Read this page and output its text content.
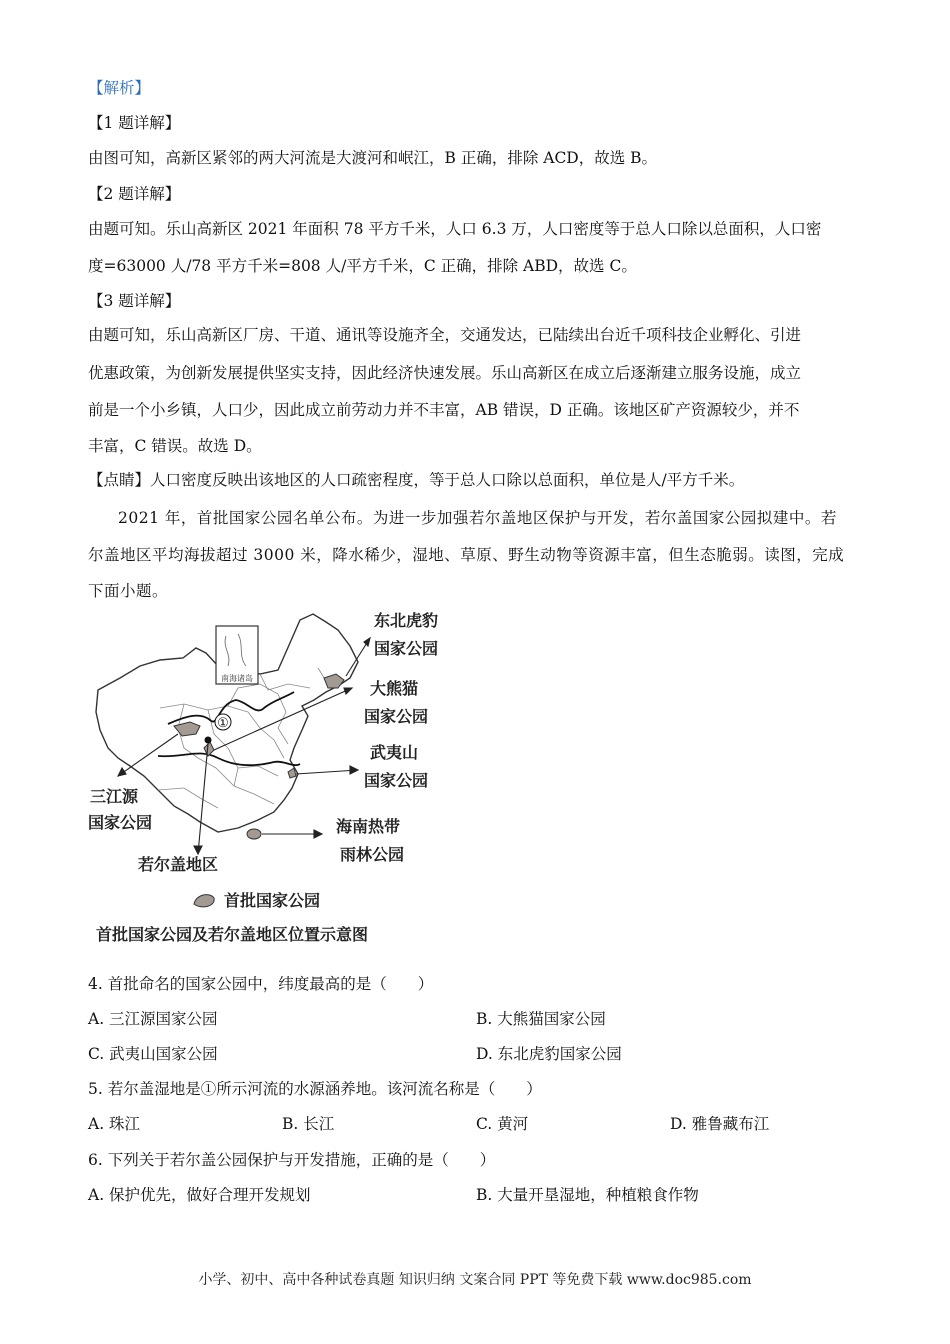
【解析】
【1 题详解】
由图可知，高新区紧邻的两大河流是大渡河和岷江，B 正确，排除 ACD，故选 B。
【2 题详解】
由题可知。乐山高新区 2021 年面积 78 平方千米，人口 6.3 万，人口密度等于总人口除以总面积，人口密
度=63000 人/78 平方千米=808 人/平方千米，C 正确，排除 ABD，故选 C。
【3 题详解】
由题可知，乐山高新区厂房、干道、通讯等设施齐全，交通发达，已陆续出台近千项科技企业孵化、引进
优惠政策，为创新发展提供坚实支持，因此经济快速发展。乐山高新区在成立后逐渐建立服务设施，成立
前是一个小乡镇，人口少，因此成立前劳动力并不丰富，AB 错误，D 正确。该地区矿产资源较少，并不
丰富，C 错误。故选 D。
【点睛】人口密度反映出该地区的人口疏密程度，等于总人口除以总面积，单位是人/平方千米。
2021 年，首批国家公园名单公布。为进一步加强若尔盖地区保护与开发，若尔盖国家公园拟建中。若
尔盖地区平均海拔超过 3000 米，降水稀少，湿地、草原、野生动物等资源丰富，但生态脆弱。读图，完成
下面小题。
南海诸岛
①
东北虎豹
国家公园
大熊猫
国家公园
武夷山
国家公园
海南热带
雨林公园
三江源
国家公园
若尔盖地区
首批国家公园
首批国家公园及若尔盖地区位置示意图
4. 首批命名的国家公园中，纬度最高的是（　　）
A. 三江源国家公园	B. 大熊猫国家公园
C. 武夷山国家公园	D. 东北虎豹国家公园
5. 若尔盖湿地是①所示河流的水源涵养地。该河流名称是（　　）
A. 珠江	B. 长江	C. 黄河	D. 雅鲁藏布江
6. 下列关于若尔盖公园保护与开发措施，正确的是（　　）
A. 保护优先，做好合理开发规划	B. 大量开垦湿地，种植粮食作物
小学、初中、高中各种试卷真题 知识归纳 文案合同 PPT 等免费下载 www.doc985.com
